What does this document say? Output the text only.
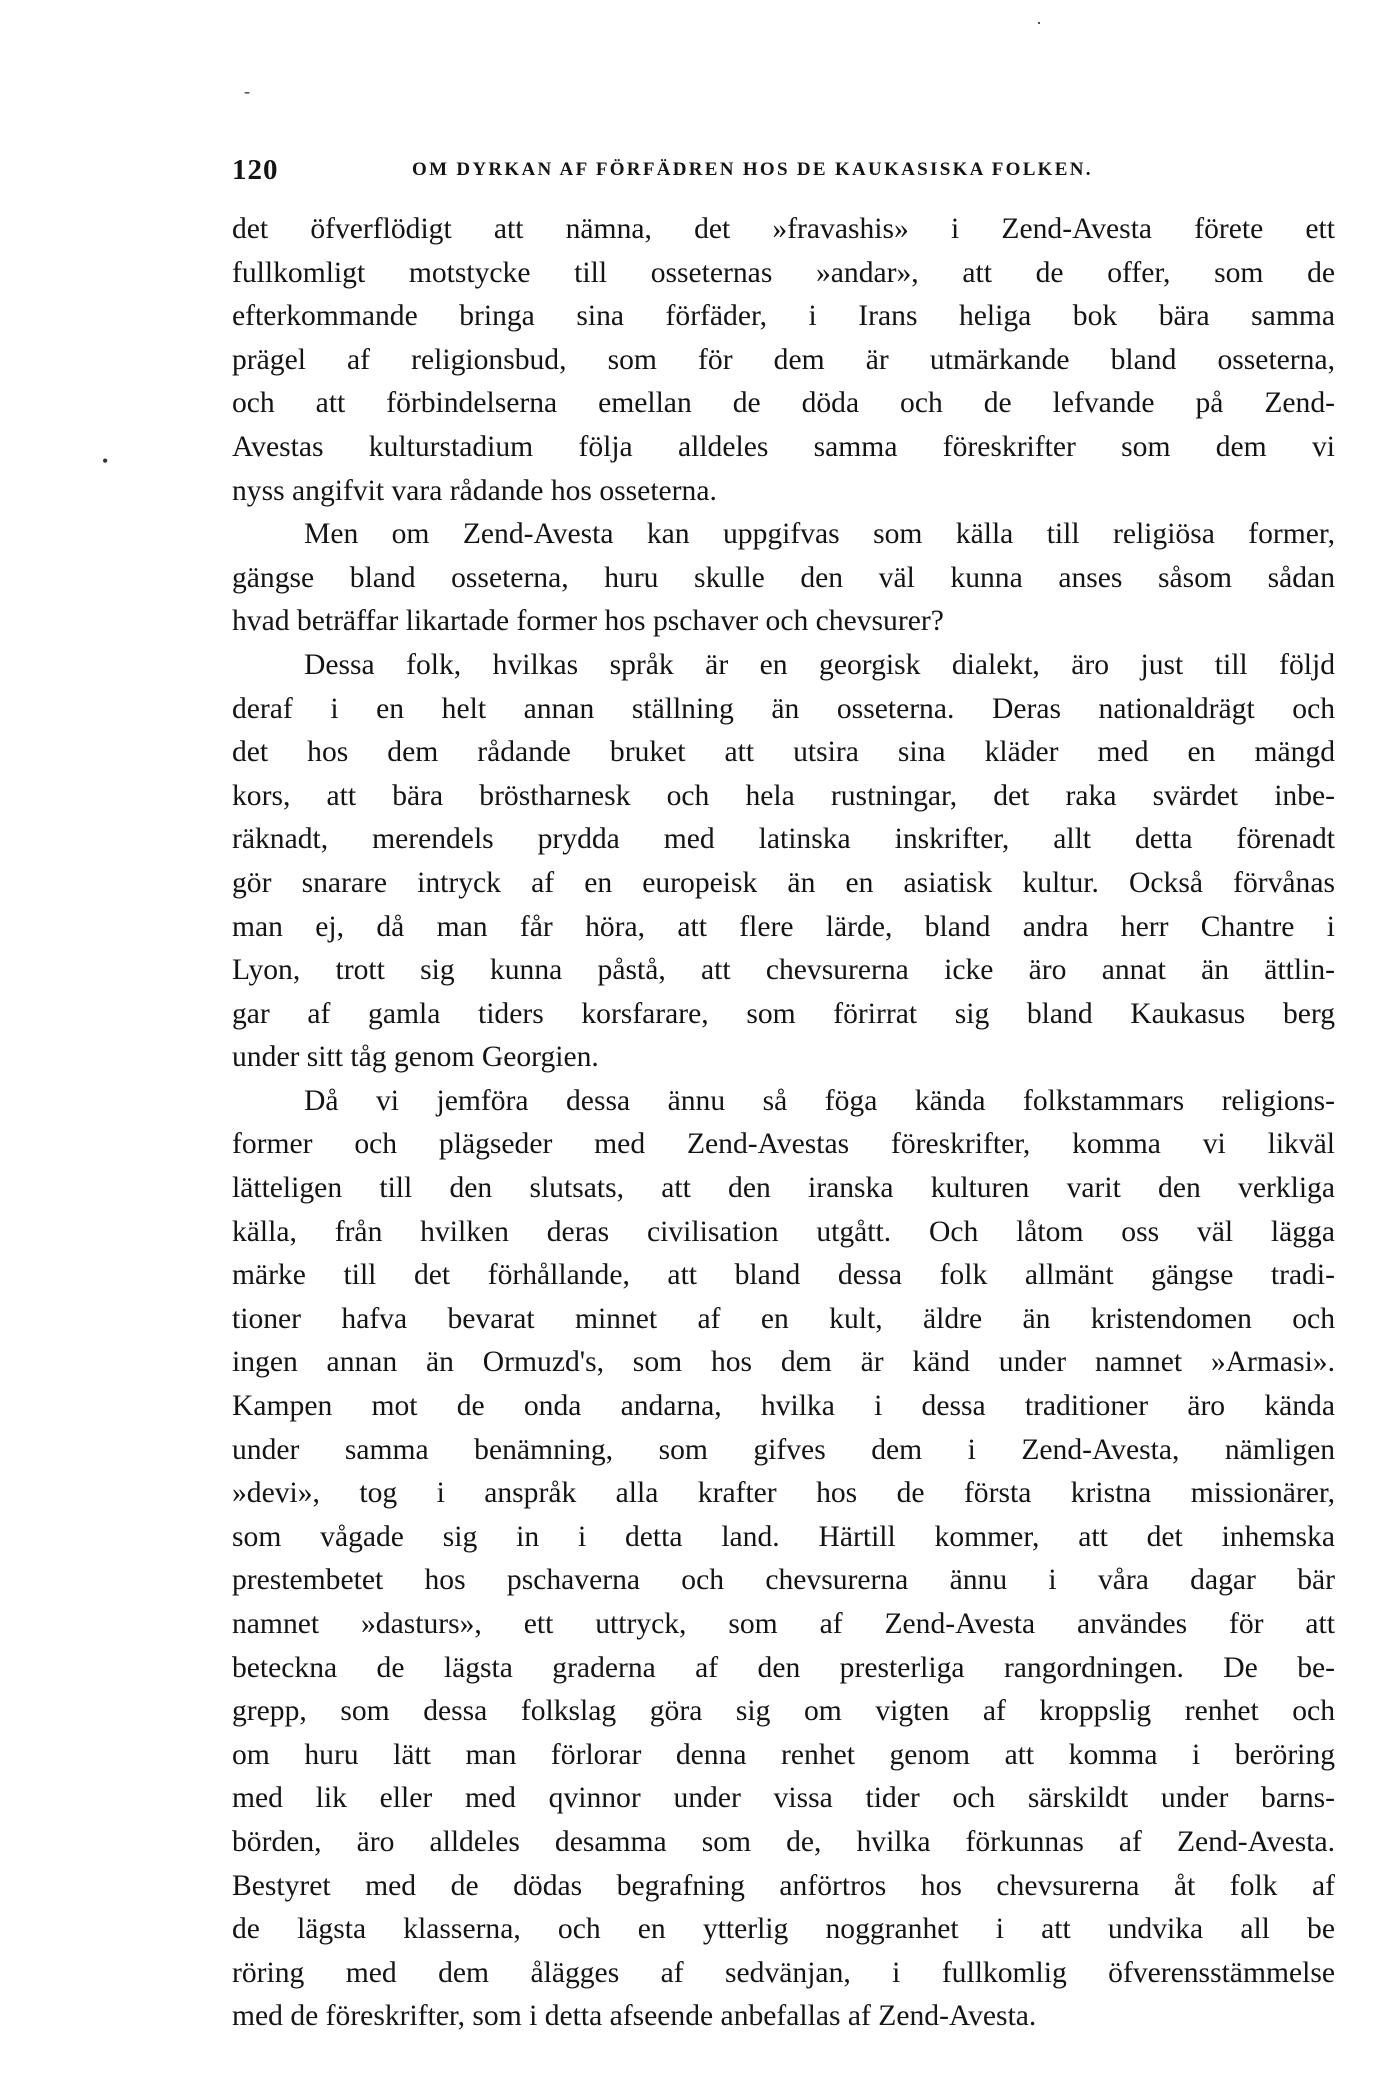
120	OM DYRKAN AF FÖRFÄDREN HOS DE KAUKASISKA FOLKEN.
·
-
•
det öfverflödigt att nämna, det »fravashis» i Zend-Avesta förete ett
fullkomligt motstycke till osseternas »andar», att de offer, som de
efterkommande bringa sina förfäder, i Irans heliga bok bära samma
prägel af religionsbud, som för dem är utmärkande bland osseterna,
och att förbindelserna emellan de döda och de lefvande på Zend-
Avestas kulturstadium följa alldeles samma föreskrifter som dem vi
nyss angifvit vara rådande hos osseterna.
Men om Zend-Avesta kan uppgifvas som källa till religiösa former,
gängse bland osseterna, huru skulle den väl kunna anses såsom sådan
hvad beträffar likartade former hos pschaver och chevsurer?
Dessa folk, hvilkas språk är en georgisk dialekt, äro just till följd
deraf i en helt annan ställning än osseterna. Deras nationaldrägt och
det hos dem rådande bruket att utsira sina kläder med en mängd
kors, att bära bröstharnesk och hela rustningar, det raka svärdet inbe-
räknadt, merendels prydda med latinska inskrifter, allt detta förenadt
gör snarare intryck af en europeisk än en asiatisk kultur. Också förvånas
man ej, då man får höra, att flere lärde, bland andra herr Chantre i
Lyon, trott sig kunna påstå, att chevsurerna icke äro annat än ättlin-
gar af gamla tiders korsfarare, som förirrat sig bland Kaukasus berg
under sitt tåg genom Georgien.
Då vi jemföra dessa ännu så föga kända folkstammars religions-
former och plägseder med Zend-Avestas föreskrifter, komma vi likväl
lätteligen till den slutsats, att den iranska kulturen varit den verkliga
källa, från hvilken deras civilisation utgått. Och låtom oss väl lägga
märke till det förhållande, att bland dessa folk allmänt gängse tradi-
tioner hafva bevarat minnet af en kult, äldre än kristendomen och
ingen annan än Ormuzd's, som hos dem är känd under namnet »Armasi».
Kampen mot de onda andarna, hvilka i dessa traditioner äro kända
under samma benämning, som gifves dem i Zend-Avesta, nämligen
»devi», tog i anspråk alla krafter hos de första kristna missionärer,
som vågade sig in i detta land. Härtill kommer, att det inhemska
prestembetet hos pschaverna och chevsurerna ännu i våra dagar bär
namnet »dasturs», ett uttryck, som af Zend-Avesta användes för att
beteckna de lägsta graderna af den presterliga rangordningen. De be-
grepp, som dessa folkslag göra sig om vigten af kroppslig renhet och
om huru lätt man förlorar denna renhet genom att komma i beröring
med lik eller med qvinnor under vissa tider och särskildt under barns-
börden, äro alldeles desamma som de, hvilka förkunnas af Zend-Avesta.
Bestyret med de dödas begrafning anförtros hos chevsurerna åt folk af
de lägsta klasserna, och en ytterlig noggranhet i att undvika all be
röring med dem ålägges af sedvänjan, i fullkomlig öfverensstämmelse
med de föreskrifter, som i detta afseende anbefallas af Zend-Avesta.
